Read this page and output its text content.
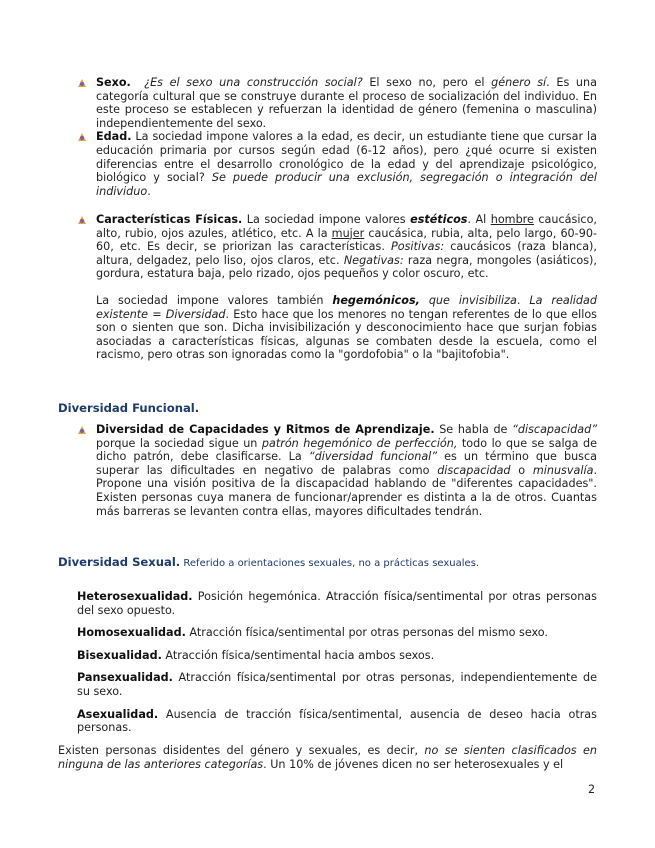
Sexo. ¿Es el sexo una construcción social? El sexo no, pero el género sí. Es una categoría cultural que se construye durante el proceso de socialización del individuo. En este proceso se establecen y refuerzan la identidad de género (femenina o masculina) independientemente del sexo.
Edad. La sociedad impone valores a la edad, es decir, un estudiante tiene que cursar la educación primaria por cursos según edad (6-12 años), pero ¿qué ocurre si existen diferencias entre el desarrollo cronológico de la edad y del aprendizaje psicológico, biológico y social? Se puede producir una exclusión, segregación o integración del individuo.
Características Físicas. La sociedad impone valores estéticos. Al hombre caucásico, alto, rubio, ojos azules, atlético, etc. A la mujer caucásica, rubia, alta, pelo largo, 60-90-60, etc. Es decir, se priorizan las características. Positivas: caucásicos (raza blanca), altura, delgadez, pelo liso, ojos claros, etc. Negativas: raza negra, mongoles (asiáticos), gordura, estatura baja, pelo rizado, ojos pequeños y color oscuro, etc.
La sociedad impone valores también hegemónicos, que invisibiliza. La realidad existente = Diversidad. Esto hace que los menores no tengan referentes de lo que ellos son o sienten que son. Dicha invisibilización y desconocimiento hace que surjan fobias asociadas a características físicas, algunas se combaten desde la escuela, como el racismo, pero otras son ignoradas como la "gordofobia" o la "bajitofobia".
Diversidad Funcional.
Diversidad de Capacidades y Ritmos de Aprendizaje. Se habla de “discapacidad” porque la sociedad sigue un patrón hegemónico de perfección, todo lo que se salga de dicho patrón, debe clasificarse. La “diversidad funcional” es un término que busca superar las dificultades en negativo de palabras como discapacidad o minusvalía. Propone una visión positiva de la discapacidad hablando de "diferentes capacidades". Existen personas cuya manera de funcionar/aprender es distinta a la de otros. Cuantas más barreras se levanten contra ellas, mayores dificultades tendrán.
Diversidad Sexual. Referido a orientaciones sexuales, no a prácticas sexuales.
Heterosexualidad. Posición hegemónica. Atracción física/sentimental por otras personas del sexo opuesto.
Homosexualidad. Atracción física/sentimental por otras personas del mismo sexo.
Bisexualidad. Atracción física/sentimental hacia ambos sexos.
Pansexualidad. Atracción física/sentimental por otras personas, independientemente de su sexo.
Asexualidad. Ausencia de tracción física/sentimental, ausencia de deseo hacia otras personas.
Existen personas disidentes del género y sexuales, es decir, no se sienten clasificados en ninguna de las anteriores categorías. Un 10% de jóvenes dicen no ser heterosexuales y el
2
